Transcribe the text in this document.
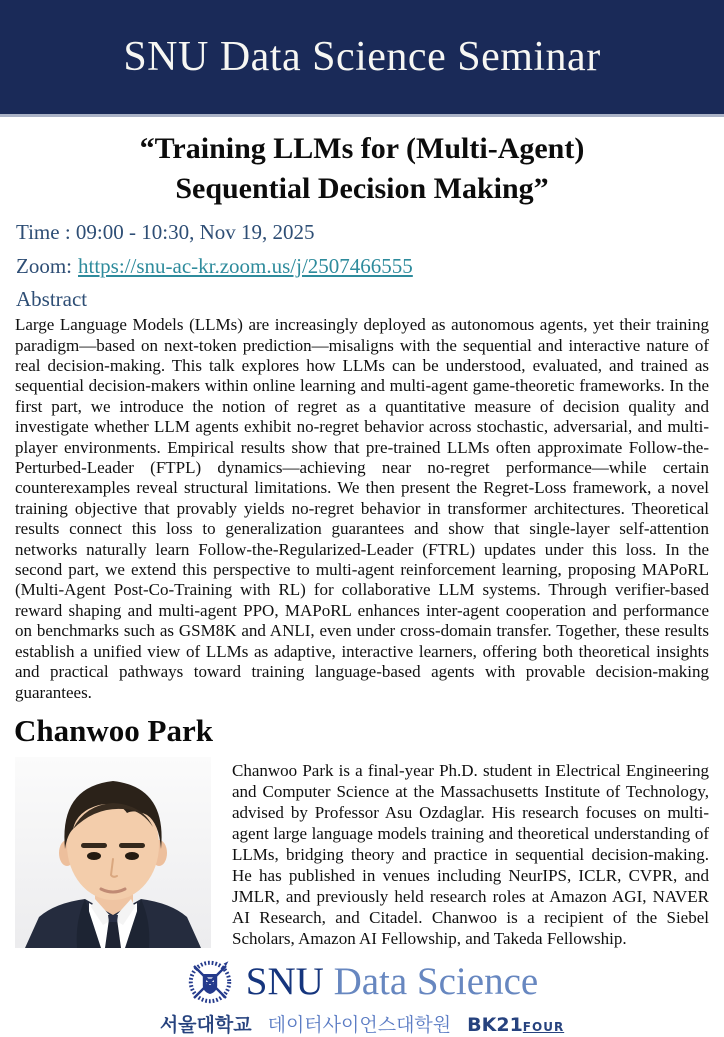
SNU Data Science Seminar
“Training LLMs for (Multi-Agent)
Sequential Decision Making”
Time : 09:00 - 10:30, Nov 19, 2025
Zoom: https://snu-ac-kr.zoom.us/j/2507466555
Abstract

Large Language Models (LLMs) are increasingly deployed as autonomous agents, yet their training paradigm—based on next-token prediction—misaligns with the sequential and interactive nature of real decision-making. This talk explores how LLMs can be understood, evaluated, and trained as sequential decision-makers within online learning and multi-agent game-theoretic frameworks. In the first part, we introduce the notion of regret as a quantitative measure of decision quality and investigate whether LLM agents exhibit no-regret behavior across stochastic, adversarial, and multi-player environments. Empirical results show that pre-trained LLMs often approximate Follow-the-Perturbed-Leader (FTPL) dynamics—achieving near no-regret performance—while certain counterexamples reveal structural limitations. We then present the Regret-Loss framework, a novel training objective that provably yields no-regret behavior in transformer architectures. Theoretical results connect this loss to generalization guarantees and show that single-layer self-attention networks naturally learn Follow-the-Regularized-Leader (FTRL) updates under this loss. In the second part, we extend this perspective to multi-agent reinforcement learning, proposing MAPoRL (Multi-Agent Post-Co-Training with RL) for collaborative LLM systems. Through verifier-based reward shaping and multi-agent PPO, MAPoRL enhances inter-agent cooperation and performance on benchmarks such as GSM8K and ANLI, even under cross-domain transfer. Together, these results establish a unified view of LLMs as adaptive, interactive learners, offering both theoretical insights and practical pathways toward training language-based agents with provable decision-making guarantees.

Chanwoo Park

Chanwoo Park is a final-year Ph.D. student in Electrical Engineering and Computer Science at the Massachusetts Institute of Technology, advised by Professor Asu Ozdaglar. His research focuses on multi-agent large language models training and theoretical understanding of LLMs, bridging theory and practice in sequential decision-making. He has published in venues including NeurIPS, ICLR, CVPR, and JMLR, and previously held research roles at Amazon AGI, NAVER AI Research, and Citadel. Chanwoo is a recipient of the Siebel Scholars, Amazon AI Fellowship, and Takeda Fellowship.

SNU Data Science
서울대학교 데이터사이언스대학원 BK21FOUR
